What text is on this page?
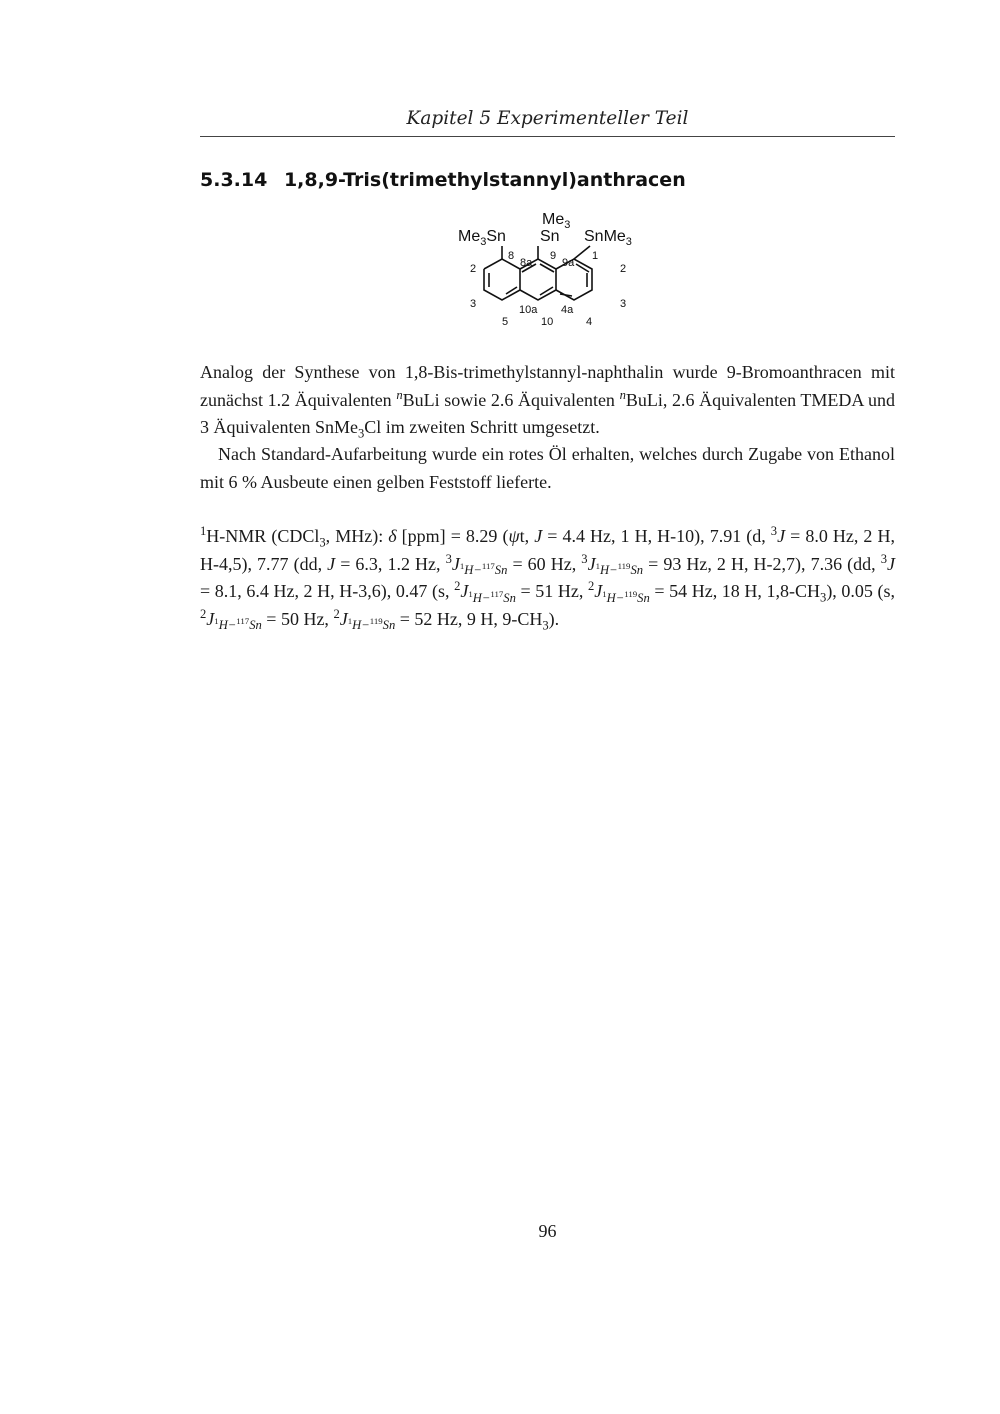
Kapitel 5 Experimenteller Teil
5.3.14 1,8,9-Tris(trimethylstannyl)anthracen
$Me_3$
Sn
$Me_3Sn$	SnMe$_3$
8
8a
9
9a
1
2	2
3	3
10a 4a
5	10	4

Analog der Synthese von 1,8-Bis-trimethylstannyl-naphthalin wurde 9-Bromoanthracen mit zunächst 1.2 Äquivalenten $^n$BuLi sowie 2.6 Äquivalenten $^n$BuLi, 2.6 Äquivalenten TMEDA und 3 Äquivalenten SnMe$_3$Cl im zweiten Schritt umgesetzt.

Nach Standard-Aufarbeitung wurde ein rotes Öl erhalten, welches durch Zugabe von Ethanol mit 6 % Ausbeute einen gelben Feststoff lieferte.

$^1$H-NMR (CDCl$_3$, MHz): δ [ppm] = 8.29 (ψt, J = 4.4 Hz, 1 H, H-10), 7.91 (d, $^3$J = 8.0 Hz, 2 H, H-4,5), 7.77 (dd, J = 6.3, 1.2 Hz, $^3J_{^1H-^{117}Sn} = 60$ Hz, $^3J_{^1H-^{119}Sn} = 93$ Hz, 2 H, H-2,7), 7.36 (dd, $^3$J = 8.1, 6.4 Hz, 2 H, H-3,6), 0.47 (s, $^2J_{^1H-^{117}Sn} = 51$ Hz, $^2J_{^1H-^{119}Sn} = 54$ Hz, 18 H, $1,8-CH_3$), 0.05 (s, $^2J_{^1H-^{117}Sn} = 50$ Hz, $^2J_{^1H-^{119}Sn} = 52$ Hz, 9 H, $9-CH_3$).

96
